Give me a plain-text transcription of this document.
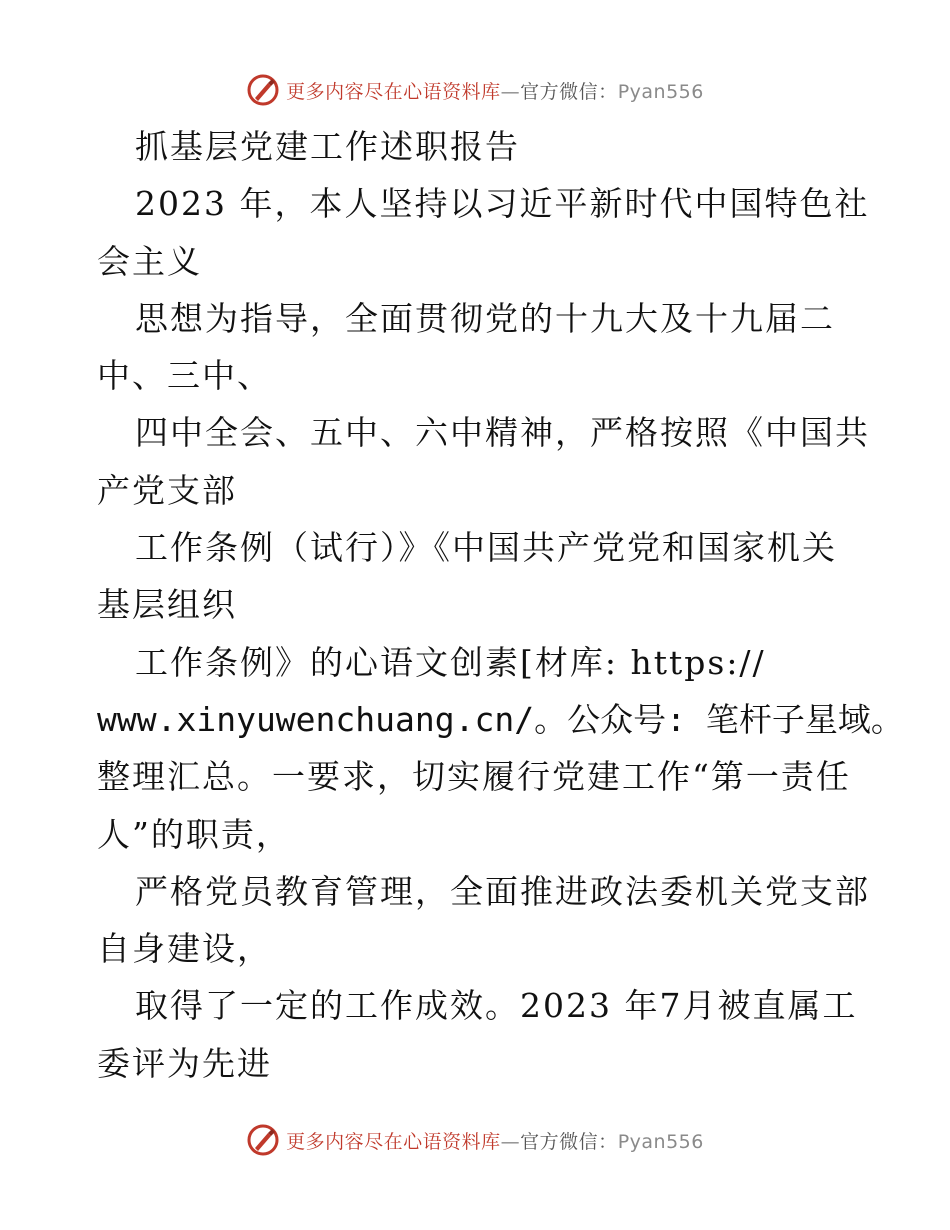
更多内容尽在心语资料库—官方微信：Pyan556
抓基层党建工作述职报告
2023 年，本人坚持以习近平新时代中国特色社
会主义
思想为指导，全面贯彻党的十九大及十九届二
中、三中、
四中全会、五中、六中精神，严格按照《中国共
产党支部
工作条例（试行）》《中国共产党党和国家机关
基层组织
工作条例》的心语文创素[材库: https://
www.xinyuwenchuang.cn/。公众号: 笔杆子星域。
整理汇总。一要求，切实履行党建工作“第一责任
人”的职责，
严格党员教育管理，全面推进政法委机关党支部
自身建设，
取得了一定的工作成效。2023 年7月被直属工
委评为先进
更多内容尽在心语资料库—官方微信：Pyan556
